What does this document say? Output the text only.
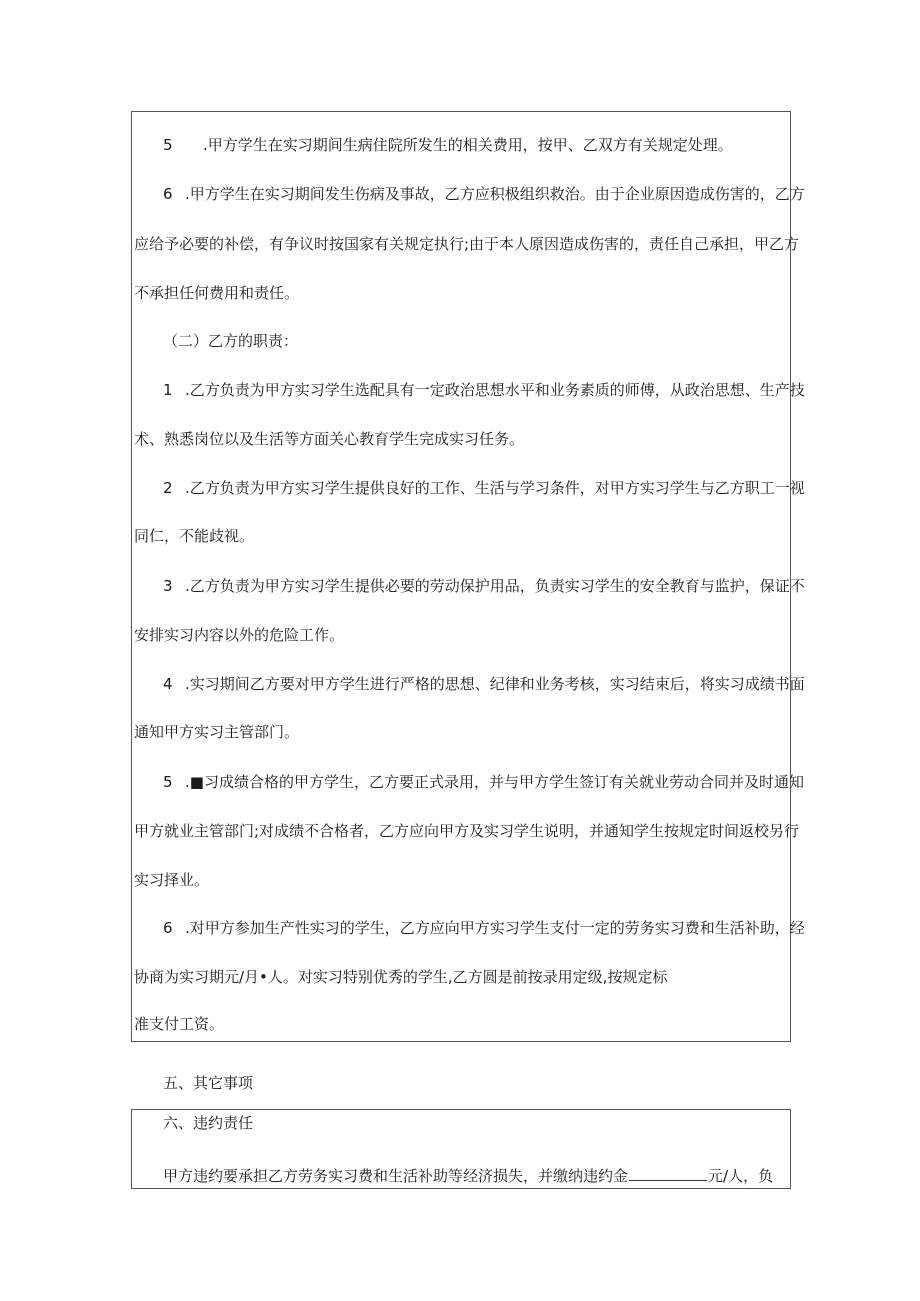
5 .甲方学生在实习期间生病住院所发生的相关费用，按甲、乙双方有关规定处理。
6 .甲方学生在实习期间发生伤病及事故，乙方应积极组织救治。由于企业原因造成伤害的，乙方
应给予必要的补偿，有争议时按国家有关规定执行;由于本人原因造成伤害的，责任自己承担，甲乙方
不承担任何费用和责任。
（二）乙方的职责：
1 .乙方负责为甲方实习学生选配具有一定政治思想水平和业务素质的师傅，从政治思想、生产技
术、熟悉岗位以及生活等方面关心教育学生完成实习任务。
2 .乙方负责为甲方实习学生提供良好的工作、生活与学习条件，对甲方实习学生与乙方职工一视
同仁，不能歧视。
3 .乙方负责为甲方实习学生提供必要的劳动保护用品，负责实习学生的安全教育与监护，保证不
安排实习内容以外的危险工作。
4 .实习期间乙方要对甲方学生进行严格的思想、纪律和业务考核，实习结束后，将实习成绩书面
通知甲方实习主管部门。
5 .■习成绩合格的甲方学生，乙方要正式录用，并与甲方学生签订有关就业劳动合同并及时通知
甲方就业主管部门;对成绩不合格者，乙方应向甲方及实习学生说明，并通知学生按规定时间返校另行
实习择业。
6 .对甲方参加生产性实习的学生，乙方应向甲方实习学生支付一定的劳务实习费和生活补助，经
协商为实习期元/月•人。对实习特别优秀的学生,乙方圆是前按录用定级,按规定标
准支付工资。
五、其它事项
六、违约责任
甲方违约要承担乙方劳务实习费和生活补助等经济损失，并缴纳违约金	元/人，负
